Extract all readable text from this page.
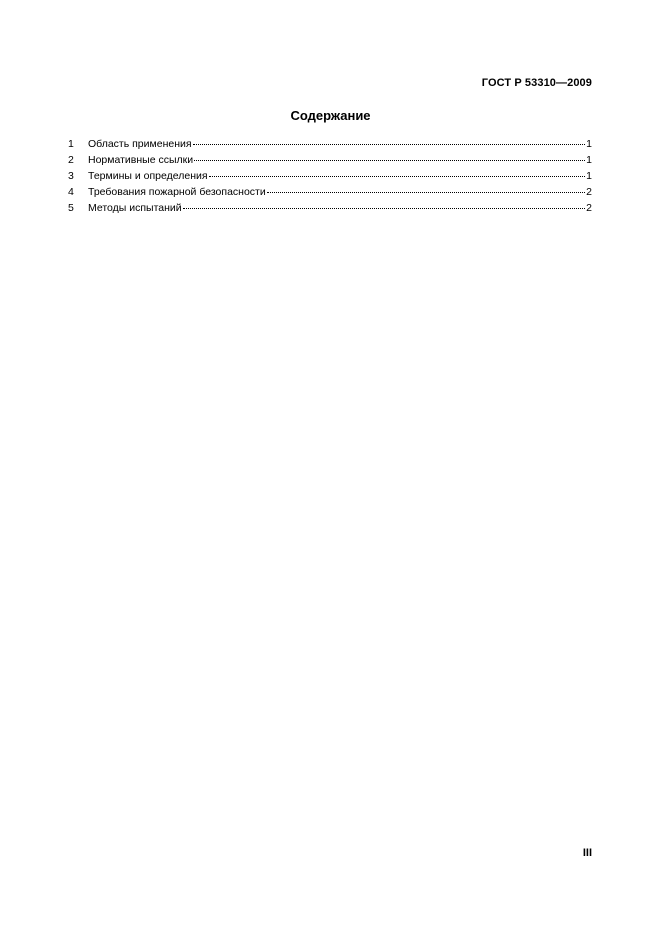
ГОСТ Р 53310—2009
Содержание
1	Область применения	1
2	Нормативные ссылки	1
3	Термины и определения	1
4	Требования пожарной безопасности	2
5	Методы испытаний	2
III
